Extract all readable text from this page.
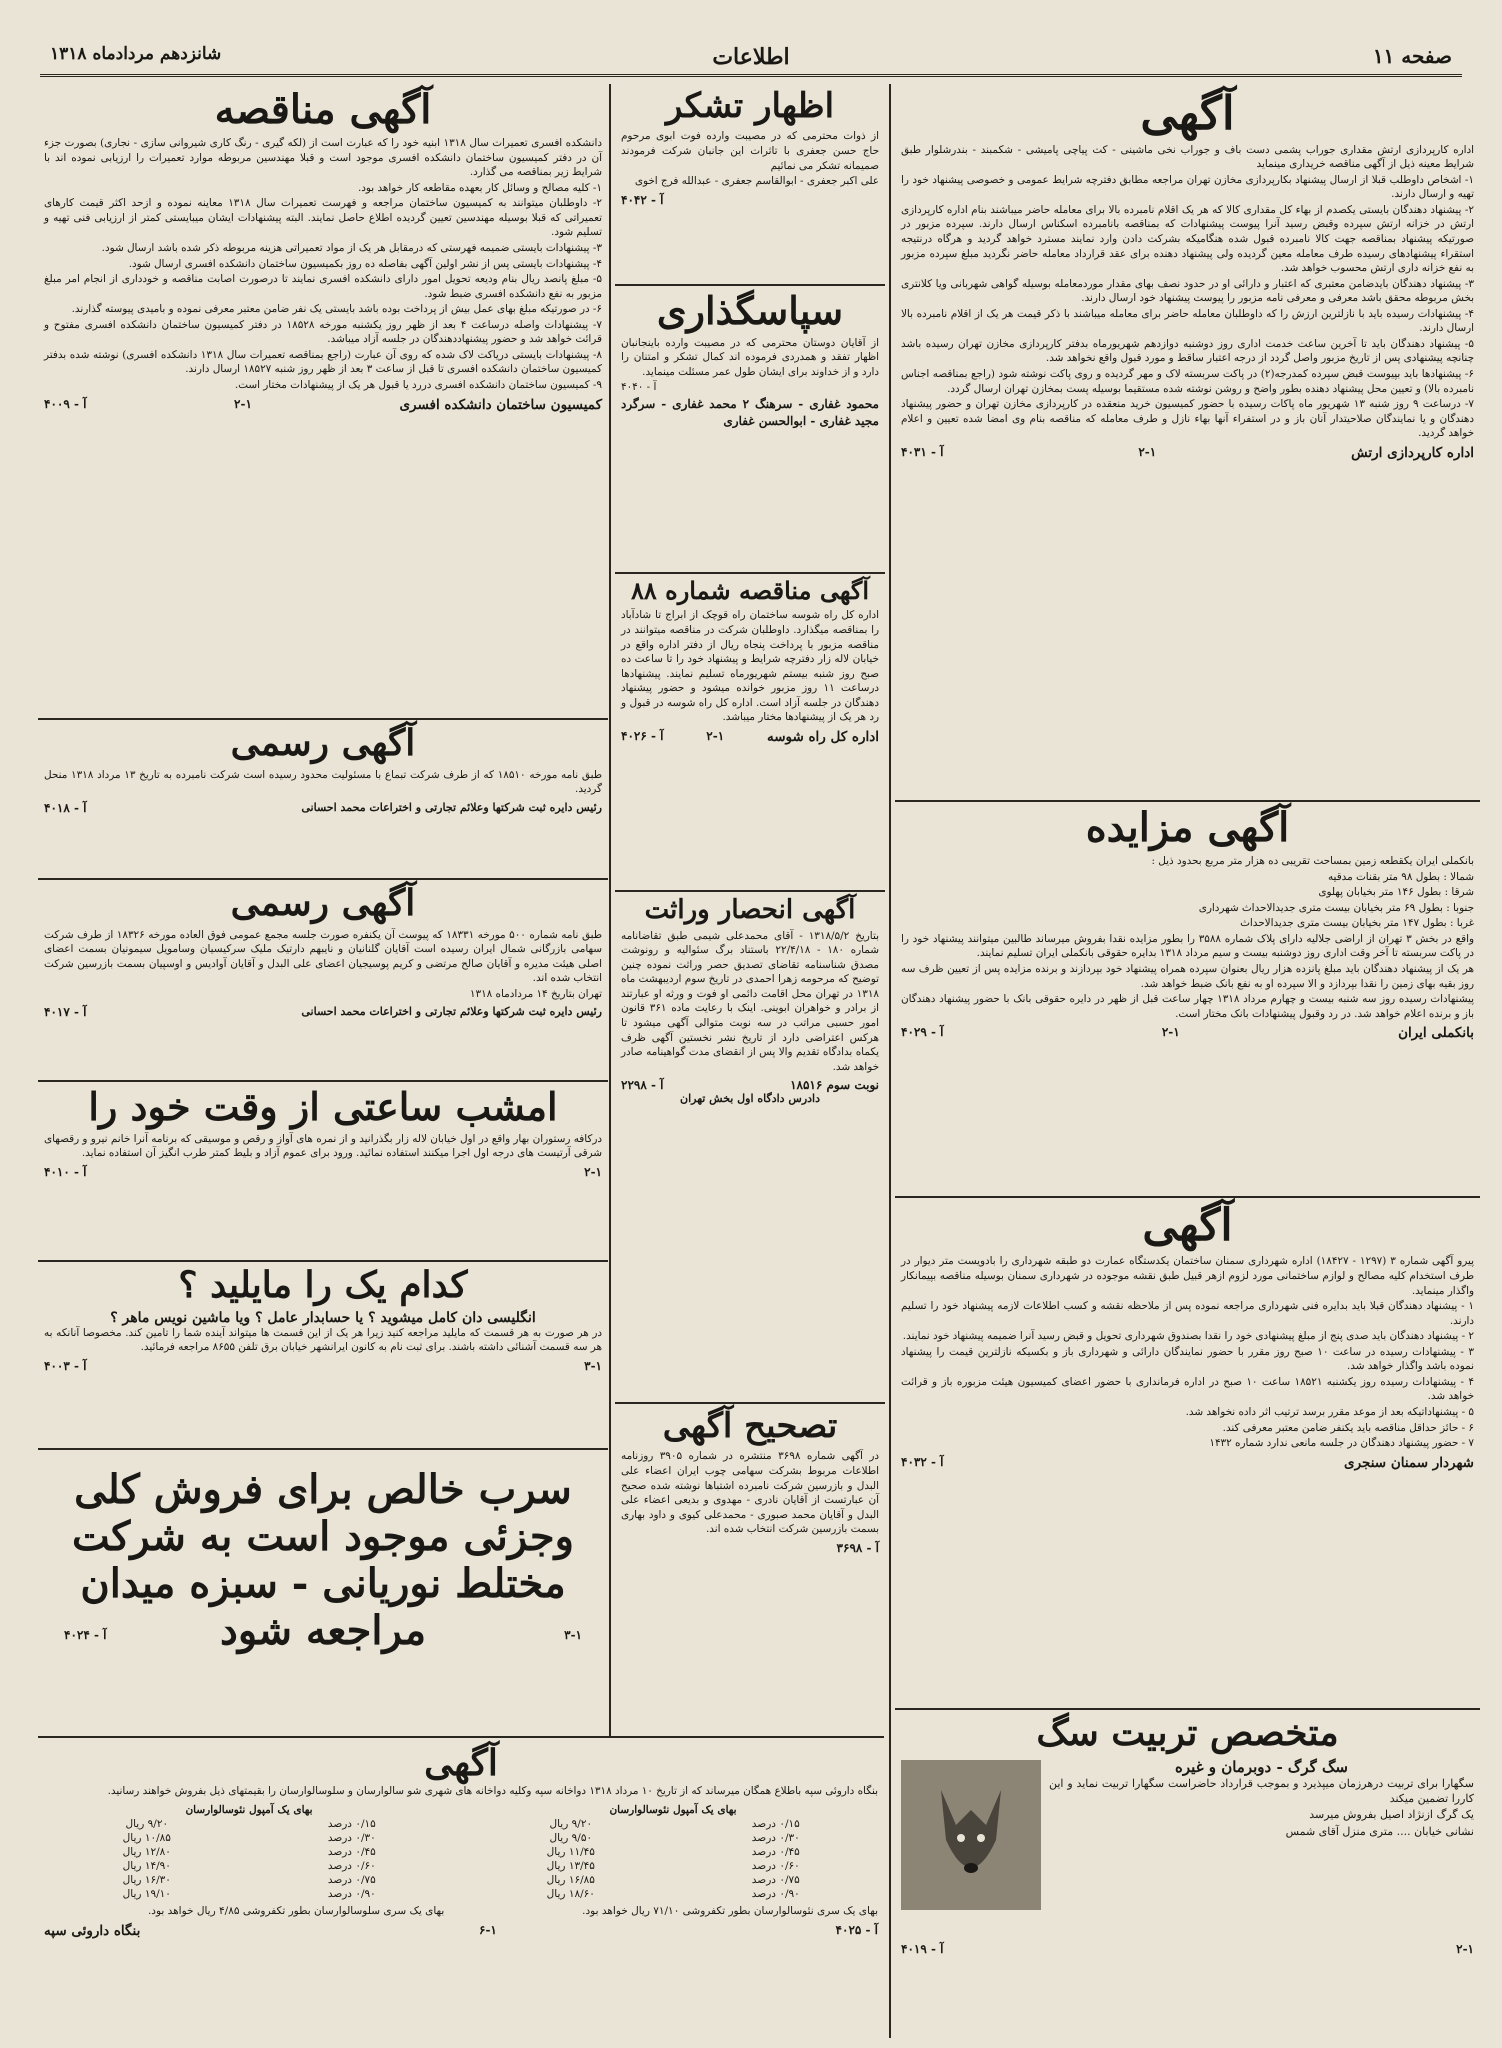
صفحه ۱۱
اطلاعات
شانزدهم مردادماه ۱۳۱۸
آگهی

اداره کارپردازی ارتش مقداری جوراب پشمی دست باف و جوراب نخی ماشینی - کت پیاچی پامیشی - شکمبند - بندرشلوار طبق شرایط معینه ذیل از آگهی مناقصه خریداری مینماید

۱- اشخاص داوطلب قبلا از ارسال پیشنهاد بکارپردازی مخازن تهران مراجعه مطابق دفترچه شرایط عمومی و خصوصی پیشنهاد خود را تهیه و ارسال دارند.

۲- پیشنهاد دهندگان بایستی یکصدم از بهاء کل مقداری کالا که هر یک اقلام نامبرده بالا برای معامله حاضر میباشند بنام اداره کارپردازی ارتش در خزانه ارتش سپرده وقبض رسید آنرا پیوست پیشنهادات که بمناقصه بانامبرده اسکناس ارسال دارند. سپرده مزبور در صورتیکه پیشنهاد بمناقصه جهت کالا نامبرده قبول شده هنگامیکه بشرکت دادن وارد نمایند مسترد خواهد گردید و هرگاه درنتیجه استقراء پیشنهادهای رسیده طرف معامله معین گردیده ولی پیشنهاد دهنده برای عقد قرارداد معامله حاضر نگردید مبلغ سپرده مزبور به نفع خزانه داری ارتش محسوب خواهد شد.

۳- پیشنهاد دهندگان بایدضامن معتبری که اعتبار و دارائی او در حدود نصف بهای مقدار موردمعامله بوسیله گواهی شهربانی ویا کلانتری بخش مربوطه محقق باشد معرفی و معرفی نامه مزبور را پیوست پیشنهاد خود ارسال دارند.

۴- پیشنهادات رسیده باید با نازلترین ارزش را که داوطلبان معامله حاضر برای معامله میباشند با ذکر قیمت هر یک از اقلام نامبرده بالا ارسال دارند.

۵- پیشنهاد دهندگان باید تا آخرین ساعت خدمت اداری روز دوشنبه دوازدهم شهریورماه بدفتر کارپردازی مخازن تهران رسیده باشد چنانچه پیشنهادی پس از تاریخ مزبور واصل گردد از درجه اعتبار ساقط و مورد قبول واقع نخواهد شد.

۶- پیشنهادها باید بپیوست قبض سپرده کمدرجه(۲) در پاکت سربسته لاک و مهر گردیده و روی پاکت نوشته شود (راجع بمناقصه اجناس نامبرده بالا) و تعیین محل پیشنهاد دهنده بطور واضح و روشن نوشته شده مستقیما بوسیله پست بمخازن تهران ارسال گردد.

۷- درساعت ۹ روز شنبه ۱۳ شهریور ماه پاکات رسیده با حضور کمیسیون خرید منعقده در کارپردازی مخازن تهران و حضور پیشنهاد دهندگان و یا نمایندگان صلاحیتدار آنان باز و در استفراء آنها بهاء نازل و طرف معامله که مناقصه بنام وی امضا شده تعیین و اعلام خواهد گردید.

اداره کارپردازی ارتش
۲-۱
آ - ۴۰۳۱
آگهی مزایده

بانکملی ایران یکقطعه زمین بمساحت تقریبی ده هزار متر مربع بحدود ذیل :

شمالا : بطول ۹۸ متر بقنات مدقیه

شرقا : بطول ۱۴۶ متر بخیابان پهلوی

جنوبا : بطول ۶۹ متر بخیابان بیست متری جدیدالاحداث شهرداری

غربا : بطول ۱۴۷ متر بخیابان بیست متری جدیدالاحداث

واقع در بخش ۳ تهران از اراضی جلالیه دارای پلاک شماره ۳۵۸۸ را بطور مزایده نقدا بفروش میرساند طالبین میتوانند پیشنهاد خود را در پاکت سربسته تا آخر وقت اداری روز دوشنبه بیست و سیم مرداد ۱۳۱۸ بدایره حقوقی بانکملی ایران تسلیم نمایند.

هر یک از پیشنهاد دهندگان باید مبلغ پانزده هزار ریال بعنوان سپرده همراه پیشنهاد خود بپردازند و برنده مزایده پس از تعیین ظرف سه روز بقیه بهای زمین را نقدا بپردازد و الا سپرده او به نفع بانک ضبط خواهد شد.

پیشنهادات رسیده روز سه شنبه بیست و چهارم مرداد ۱۳۱۸ چهار ساعت قبل از ظهر در دایره حقوقی بانک با حضور پیشنهاد دهندگان باز و برنده اعلام خواهد شد. در رد وقبول پیشنهادات بانک مختار است.

بانکملی ایران
۲-۱
آ - ۴۰۲۹
آگهی

پیرو آگهی شماره ۳ (۱۲۹۷ - ۱۸۴۲۷) اداره شهرداری سمنان ساختمان یکدستگاه عمارت دو طبقه شهرداری را بادویست متر دیوار در طرف استخدام کلیه مصالح و لوازم ساختمانی مورد لزوم ازهر قبیل طبق نقشه موجوده در شهرداری سمنان بوسیله مناقصه بپیمانکار واگذار مینماید.

۱ - پیشنهاد دهندگان قبلا باید بدایره فنی شهرداری مراجعه نموده پس از ملاحظه نقشه و کسب اطلاعات لازمه پیشنهاد خود را تسلیم دارند.

۲ - پیشنهاد دهندگان باید صدی پنج از مبلغ پیشنهادی خود را نقدا بصندوق شهرداری تحویل و قبض رسید آنرا ضمیمه پیشنهاد خود نمایند.

۳ - پیشنهادات رسیده در ساعت ۱۰ صبح روز مقرر با حضور نمایندگان دارائی و شهرداری باز و بکسیکه نازلترین قیمت را پیشنهاد نموده باشد واگذار خواهد شد.

۴ - پیشنهادات رسیده روز یکشنبه ۱۸۵۲۱ ساعت ۱۰ صبح در اداره فرمانداری با حضور اعضای کمیسیون هیئت مزبوره باز و قرائت خواهد شد.

۵ - پیشنهاداتیکه بعد از موعد مقرر برسد ترتیب اثر داده نخواهد شد.

۶ - حائز حداقل مناقصه باید یکنفر ضامن معتبر معرفی کند.

۷ - حضور پیشنهاد دهندگان در جلسه مانعی ندارد شماره ۱۴۳۲

شهردار سمنان سنجری
آ - ۴۰۳۲
متخصص تربیت سگ
سگ گرگ - دوبرمان و غیره

سگهارا برای تربیت درهرزمان میپذیرد و بموجب قرارداد حاضراست سگهارا تربیت نماید و این کاررا تضمین میکند

یک گرگ ازنژاد اصیل بفروش میرسد

نشانی خیابان .... متری منزل آقای شمس

۲-۱
آ - ۴۰۱۹
اظهار تشکر

از ذوات محترمی که در مصیبت وارده فوت ابوی مرحوم حاج حسن جعفری با تاثرات این جانبان شرکت فرمودند صمیمانه تشکر می نمائیم

علی اکبر جعفری - ابوالقاسم جعفری - عبدالله فرج اخوی

آ - ۴۰۴۲
سپاسگذاری

از آقایان دوستان محترمی که در مصیبت وارده باینجانبان اظهار تفقد و همدردی فرموده اند کمال تشکر و امتنان را دارد و از خداوند برای ایشان طول عمر مسئلت مینماید.

آ - ۴۰۴۰

محمود غفاری - سرهنگ ۲ محمد غفاری - سرگرد مجید غفاری - ابوالحسن غفاری

آگهی مناقصه شماره ۸۸

اداره کل راه شوسه ساختمان راه قوچک از ابراج تا شادآباد را بمناقصه میگذارد. داوطلبان شرکت در مناقصه میتوانند در مناقصه مزبور با پرداخت پنجاه ریال از دفتر اداره واقع در خیابان لاله زار دفترچه شرایط و پیشنهاد خود را تا ساعت ده صبح روز شنبه بیستم شهریورماه تسلیم نمایند. پیشنهادها درساعت ۱۱ روز مزبور خوانده میشود و حضور پیشنهاد دهندگان در جلسه آزاد است. اداره کل راه شوسه در قبول و رد هر یک از پیشنهادها مختار میباشد.

اداره کل راه شوسه
۲-۱
آ - ۴۰۲۶
آگهی انحصار وراثت

بتاریخ ۱۳۱۸/۵/۲ - آقای محمدعلی شیمی طبق تقاضانامه شماره ۱۸۰ - ۲۲/۴/۱۸ باستناد برگ سئوالیه و رونوشت مصدق شناسنامه تقاضای تصدیق حصر وراثت نموده چنین توضیح که مرحومه زهرا احمدی در تاریخ سوم اردیبهشت ماه ۱۳۱۸ در تهران محل اقامت دائمی او فوت و ورثه او عبارتند از برادر و خواهران ابوینی. اینک با رعایت ماده ۳۶۱ قانون امور حسبی مراتب در سه نوبت متوالی آگهی میشود تا هرکس اعتراضی دارد از تاریخ نشر نخستین آگهی ظرف یکماه بدادگاه تقدیم والا پس از انقضای مدت گواهینامه صادر خواهد شد.

نوبت سوم ۱۸۵۱۶
آ - ۲۲۹۸
دادرس دادگاه اول بخش تهران
تصحیح آگهی

در آگهی شماره ۳۶۹۸ منتشره در شماره ۳۹۰۵ روزنامه اطلاعات مربوط بشرکت سهامی چوب ایران اعضاء علی البدل و بازرسین شرکت نامبرده اشتباها نوشته شده صحیح آن عبارتست از آقایان نادری - مهدوی و بدیعی اعضاء علی البدل و آقایان محمد صبوری - محمدعلی کیوی و داود بهاری بسمت بازرسین شرکت انتخاب شده اند.

آ - ۳۶۹۸
آگهی مناقصه

دانشکده افسری تعمیرات سال ۱۳۱۸ ابنیه خود را که عبارت است از (لکه گیری - رنگ کاری شیروانی سازی - نجاری) بصورت جزء آن در دفتر کمیسیون ساختمان دانشکده افسری موجود است و قبلا مهندسین مربوطه موارد تعمیرات را ارزیابی نموده اند با شرایط زیر بمناقصه می گذارد.

۱- کلیه مصالح و وسائل کار بعهده مقاطعه کار خواهد بود.

۲- داوطلبان میتوانند به کمیسیون ساختمان مراجعه و فهرست تعمیرات سال ۱۳۱۸ معاینه نموده و ازحد اکثر قیمت کارهای تعمیراتی که قبلا بوسیله مهندسین تعیین گردیده اطلاع حاصل نمایند. البته پیشنهادات ایشان میبایستی کمتر از ارزیابی فنی تهیه و تسلیم شود.

۳- پیشنهادات بایستی ضمیمه فهرستی که درمقابل هر یک از مواد تعمیراتی هزینه مربوطه ذکر شده باشد ارسال شود.

۴- پیشنهادات بایستی پس از نشر اولین آگهی بفاصله ده روز بکمیسیون ساختمان دانشکده افسری ارسال شود.

۵- مبلغ پانصد ریال بنام ودیعه تحویل امور دارای دانشکده افسری نمایند تا درصورت اصابت مناقصه و خودداری از انجام امر مبلغ مزبور به نفع دانشکده افسری ضبط شود.

۶- در صورتیکه مبلغ بهای عمل بیش از پرداخت بوده باشد بایستی یک نفر ضامن معتبر معرفی نموده و بامیدی پیوسته گذارند.

۷- پیشنهادات واصله درساعت ۴ بعد از ظهر روز یکشنبه مورخه ۱۸۵۲۸ در دفتر کمیسیون ساختمان دانشکده افسری مفتوح و قرائت خواهد شد و حضور پیشنهاددهندگان در جلسه آزاد میباشد.

۸- پیشنهادات بایستی دریاکت لاک شده که روی آن عبارت (راجع بمناقصه تعمیرات سال ۱۳۱۸ دانشکده افسری) نوشته شده بدفتر کمیسیون ساختمان دانشکده افسری تا قبل از ساعت ۳ بعد از ظهر روز شنبه ۱۸۵۲۷ ارسال دارند.

۹- کمیسیون ساختمان دانشکده افسری دررد یا قبول هر یک از پیشنهادات مختار است.

کمیسیون ساختمان دانشکده افسری
۲-۱
آ - ۴۰۰۹
آگهی رسمی

طبق نامه مورخه ۱۸۵۱۰ که از طرف شرکت تبماع با مسئولیت محدود رسیده است شرکت نامبرده به تاریخ ۱۳ مرداد ۱۳۱۸ منحل گردید.

رئیس دایره ثبت شرکتها وعلائم تجارتی و اختراعات محمد احسانی
آ - ۴۰۱۸
آگهی رسمی

طبق نامه شماره ۵۰۰ مورخه ۱۸۳۳۱ که پیوست آن یکنفره صورت جلسه مجمع عمومی فوق العاده مورخه ۱۸۳۲۶ از طرف شرکت سهامی بازرگانی شمال ایران رسیده است آقایان گلنانیان و نایبهم دارتیک ملیک سرکیسیان وسامویل سیمونیان بسمت اعضای اصلی هیئت مدیره و آقایان صالح مرتضی و کریم پوسیجیان اعضای علی البدل و آقایان آوادیس و اوسپیان بسمت بازرسین شرکت انتخاب شده اند.

تهران بتاریخ ۱۴ مردادماه ۱۳۱۸

رئیس دایره ثبت شرکتها وعلائم تجارتی و اختراعات محمد احسانی
آ - ۴۰۱۷
امشب ساعتی از وقت خود را

درکافه رستوران بهار واقع در اول خیابان لاله زار بگذرانید و از نمره های آواز و رقص و موسیقی که برنامه آنرا خانم نیرو و رقصهای شرقی آرتیست های درجه اول اجرا میکنند استفاده نمائید. ورود برای عموم آزاد و بلیط کمتر طرب انگیز آن استفاده نماید.

۲-۱
آ - ۴۰۱۰
کدام یک را مایلید ؟
انگلیسی دان کامل میشوید ؟ یا حسابدار عامل ؟ ویا ماشین نویس ماهر ؟

در هر صورت به هر قسمت که مایلید مراجعه کنید زیرا هر یک از این قسمت ها میتواند آینده شما را تامین کند. مخصوصا آنانکه به هر سه قسمت آشنائی داشته باشند. برای ثبت نام به کانون ایرانشهر خیابان برق تلفن ۸۶۵۵ مراجعه فرمائید.

۳-۱
آ - ۴۰۰۳

سرب خالص برای فروش کلی

وجزئی موجود است به شرکت

مختلط نوریانی - سبزه میدان

مراجعه شود	۳-۱
آ - ۴۰۲۴
آگهی

بنگاه داروئی سپه باطلاع همگان میرساند که از تاریخ ۱۰ مرداد ۱۳۱۸ دواخانه سپه وکلیه دواخانه های شهری شو سالوارسان و سلوسالوارسان را بقیمتهای ذیل بفروش خواهند رسانید.

بهای یک آمپول نئوسالوارسان			بهای یک آمپول نئوسالوارسان	
۰/۱۵ درصد	۹/۲۰ ریال		۰/۱۵ درصد	۹/۲۰ ریال
۰/۳۰ درصد	۹/۵۰ ریال		۰/۳۰ درصد	۱۰/۸۵ ریال
۰/۴۵ درصد	۱۱/۴۵ ریال		۰/۴۵ درصد	۱۲/۸۰ ریال
۰/۶۰ درصد	۱۳/۴۵ ریال		۰/۶۰ درصد	۱۴/۹۰ ریال
۰/۷۵ درصد	۱۶/۸۵ ریال		۰/۷۵ درصد	۱۶/۳۰ ریال
۰/۹۰ درصد	۱۸/۶۰ ریال		۰/۹۰ درصد	۱۹/۱۰ ریال
بهای یک سری نئوسالوارسان بطور تکفروشی ۷۱/۱۰ ریال خواهد بود.
بهای یک سری سلوسالوارسان بطور تکفروشی ۴/۸۵ ریال خواهد بود.
آ - ۴۰۲۵
۶-۱
بنگاه داروئی سپه
